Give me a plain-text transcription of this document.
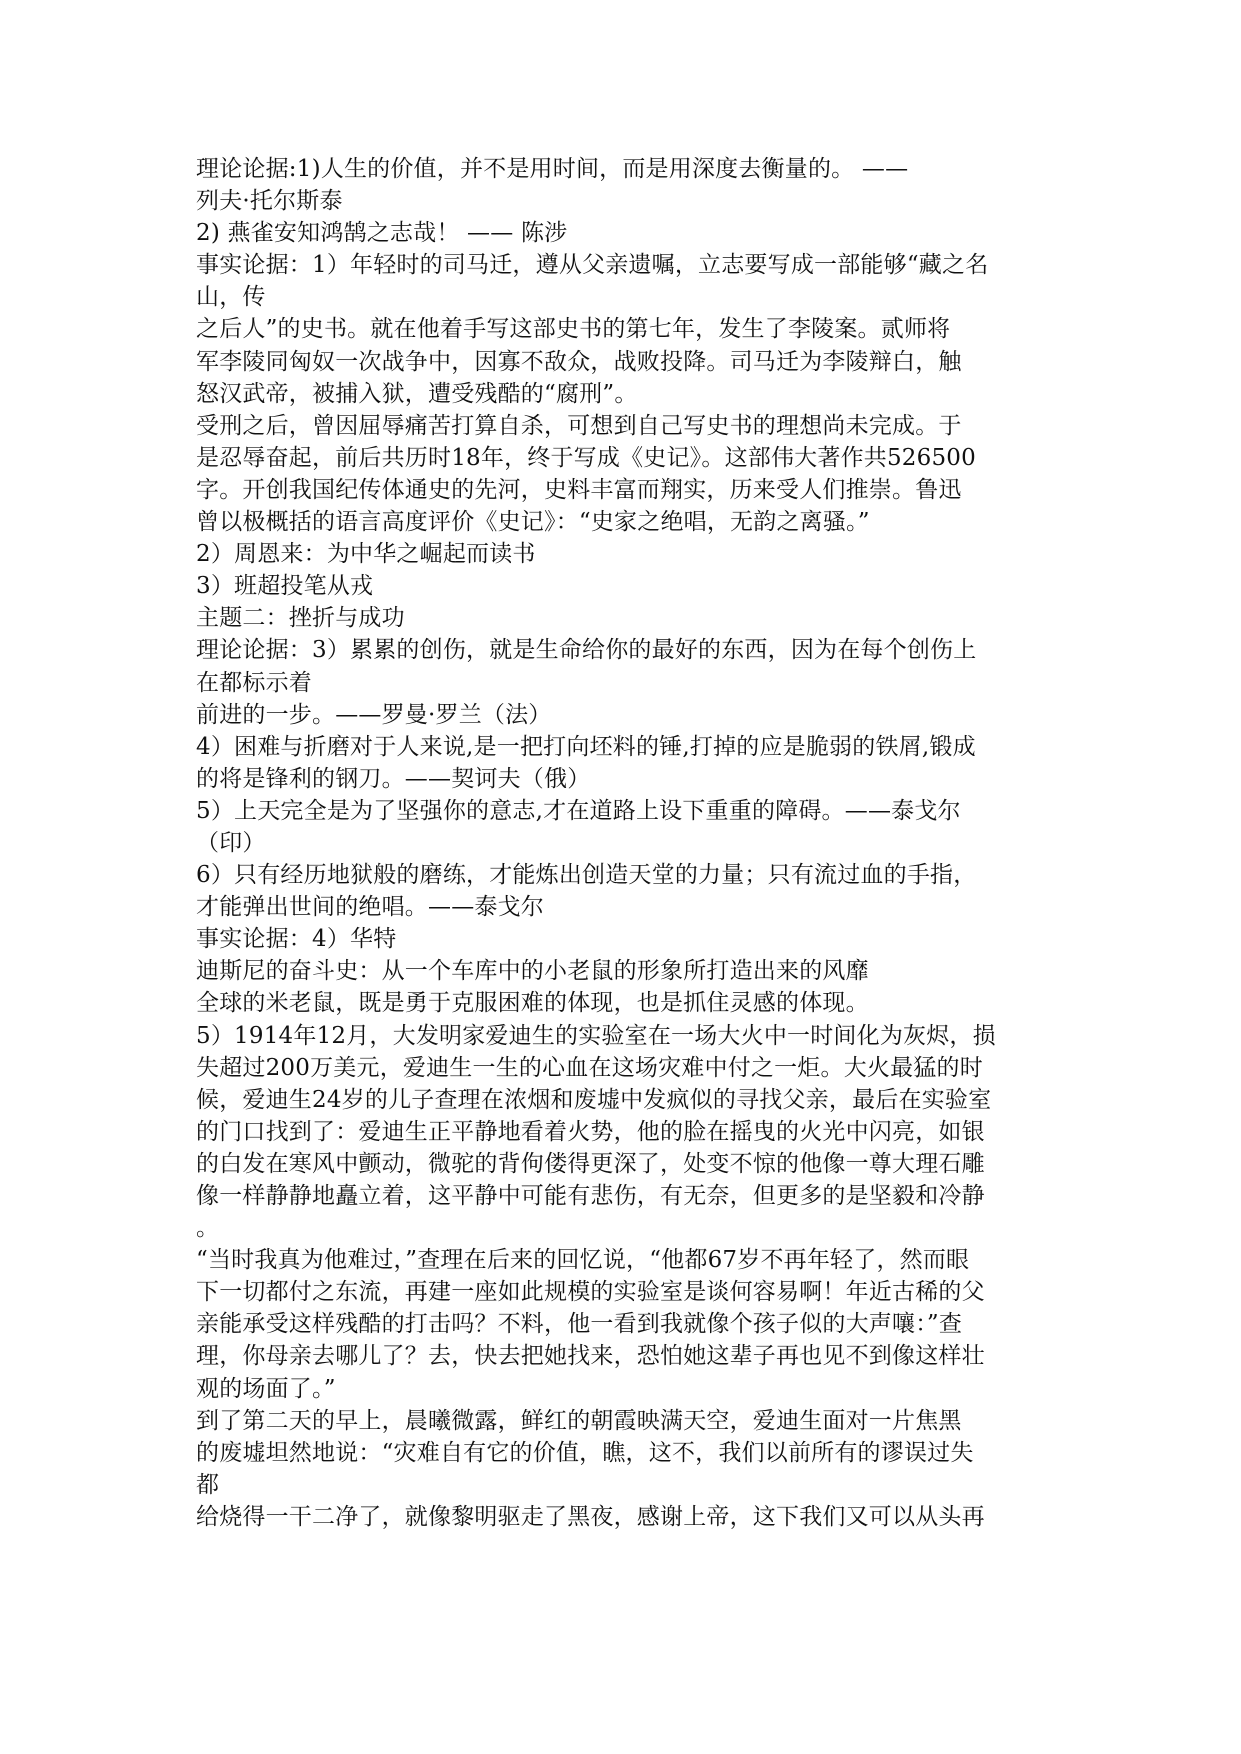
理论论据:1)人生的价值，并不是用时间，而是用深度去衡量的。 ——
列夫·托尔斯泰
2) 燕雀安知鸿鹄之志哉！ —— 陈涉
事实论据：1）年轻时的司马迁，遵从父亲遗嘱，立志要写成一部能够“藏之名
山，传
之后人”的史书。就在他着手写这部史书的第七年，发生了李陵案。贰师将
军李陵同匈奴一次战争中，因寡不敌众，战败投降。司马迁为李陵辩白，触
怒汉武帝，被捕入狱，遭受残酷的“腐刑”。
受刑之后，曾因屈辱痛苦打算自杀，可想到自己写史书的理想尚未完成。于
是忍辱奋起，前后共历时18年，终于写成《史记》。这部伟大著作共526500
字。开创我国纪传体通史的先河，史料丰富而翔实，历来受人们推崇。鲁迅
曾以极概括的语言高度评价《史记》：“史家之绝唱，无韵之离骚。”
2）周恩来：为中华之崛起而读书
3）班超投笔从戎
主题二：挫折与成功
理论论据：3）累累的创伤，就是生命给你的最好的东西，因为在每个创伤上
在都标示着
前进的一步。——罗曼·罗兰（法）
4）困难与折磨对于人来说,是一把打向坯料的锤,打掉的应是脆弱的铁屑,锻成
的将是锋利的钢刀。——契诃夫（俄）
5）上天完全是为了坚强你的意志,才在道路上设下重重的障碍。——泰戈尔
（印）
6）只有经历地狱般的磨练，才能炼出创造天堂的力量；只有流过血的手指，
才能弹出世间的绝唱。——泰戈尔
事实论据：4）华特
迪斯尼的奋斗史：从一个车库中的小老鼠的形象所打造出来的风靡
全球的米老鼠，既是勇于克服困难的体现，也是抓住灵感的体现。
5）1914年12月，大发明家爱迪生的实验室在一场大火中一时间化为灰烬，损
失超过200万美元，爱迪生一生的心血在这场灾难中付之一炬。大火最猛的时
候，爱迪生24岁的儿子查理在浓烟和废墟中发疯似的寻找父亲，最后在实验室
的门口找到了：爱迪生正平静地看着火势，他的脸在摇曳的火光中闪亮，如银
的白发在寒风中颤动，微驼的背佝偻得更深了，处变不惊的他像一尊大理石雕
像一样静静地矗立着，这平静中可能有悲伤，有无奈，但更多的是坚毅和冷静
。
“当时我真为他难过，”查理在后来的回忆说，“他都67岁不再年轻了，然而眼
下一切都付之东流，再建一座如此规模的实验室是谈何容易啊！年近古稀的父
亲能承受这样残酷的打击吗？不料，他一看到我就像个孩子似的大声嚷：”查
理，你母亲去哪儿了？去，快去把她找来，恐怕她这辈子再也见不到像这样壮
观的场面了。”
到了第二天的早上，晨曦微露，鲜红的朝霞映满天空，爱迪生面对一片焦黑
的废墟坦然地说：“灾难自有它的价值，瞧，这不，我们以前所有的谬误过失
都
给烧得一干二净了，就像黎明驱走了黑夜，感谢上帝，这下我们又可以从头再
